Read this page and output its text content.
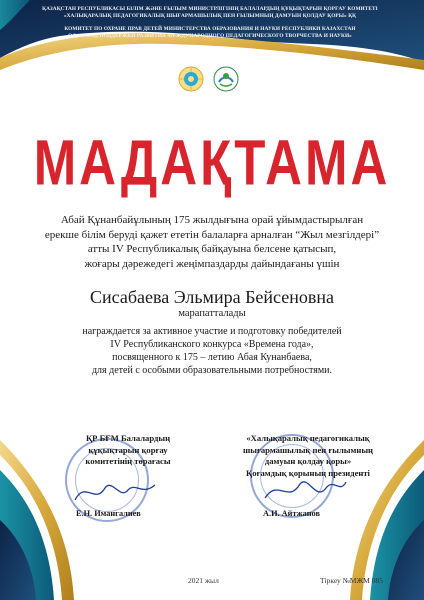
ҚАЗАҚСТАН РЕСПУБЛИКАСЫ БІЛІМ ЖӘНЕ ҒЫЛЫМ МИНИСТРЛІГІНІҢ БАЛАЛАРДЫҢ ҚҰҚЫҚТАРЫН ҚОРҒАУ КОМИТЕТІ
«ХАЛЫҚАРАЛЫҚ ПЕДАГОГИКАЛЫҚ ШЫҒАРМАШЫЛЫҚ ПЕН ҒЫЛЫМНЫҢ ДАМУЫН ҚОЛДАУ ҚОРЫ» ҚҚ
КОМИТЕТ ПО ОХРАНЕ ПРАВ ДЕТЕЙ МИНИСТЕРСТВА ОБРАЗОВАНИЯ И НАУКИ РЕСПУБЛИКИ КАЗАХСТАН
ОФ «ФОНД ПОДДЕРЖКИ РАЗВИТИЯ МЕЖДУНАРОДНОГО ПЕДАГОГИЧЕСКОГО ТВОРЧЕСТВА И НАУКИ»
МАДАҚТАМА
Абай Құнанбайұлының 175 жылдығына орай ұйымдастырылған
ерекше білім беруді қажет ететін балаларға арналған “Жыл мезгілдері”
атты IV Республикалық байқауына белсене қатысып,
жоғары дәрежедегі жеңімпаздарды дайындағаны үшін
Сисабаева Эльмира Бейсеновна
марапатталады
награждается за активное участие и подготовку победителей
IV Республиканского конкурса «Времена года»,
посвященного к 175 – летию Абая Кунанбаева,
для детей с особыми образовательными потребностями.
ҚР БҒМ Балалардың
құқықтарын қорғау
комитетінің төрағасы
«Халықаралық педагогикалық
шығармашылық пен ғылымның
дамуын қолдау қоры»
Қоғамдық қорының президенті
Е.Н. Имангалиев	А.И. Айтжанов
2021 жыл	Тіркеу №МЖМ 085
